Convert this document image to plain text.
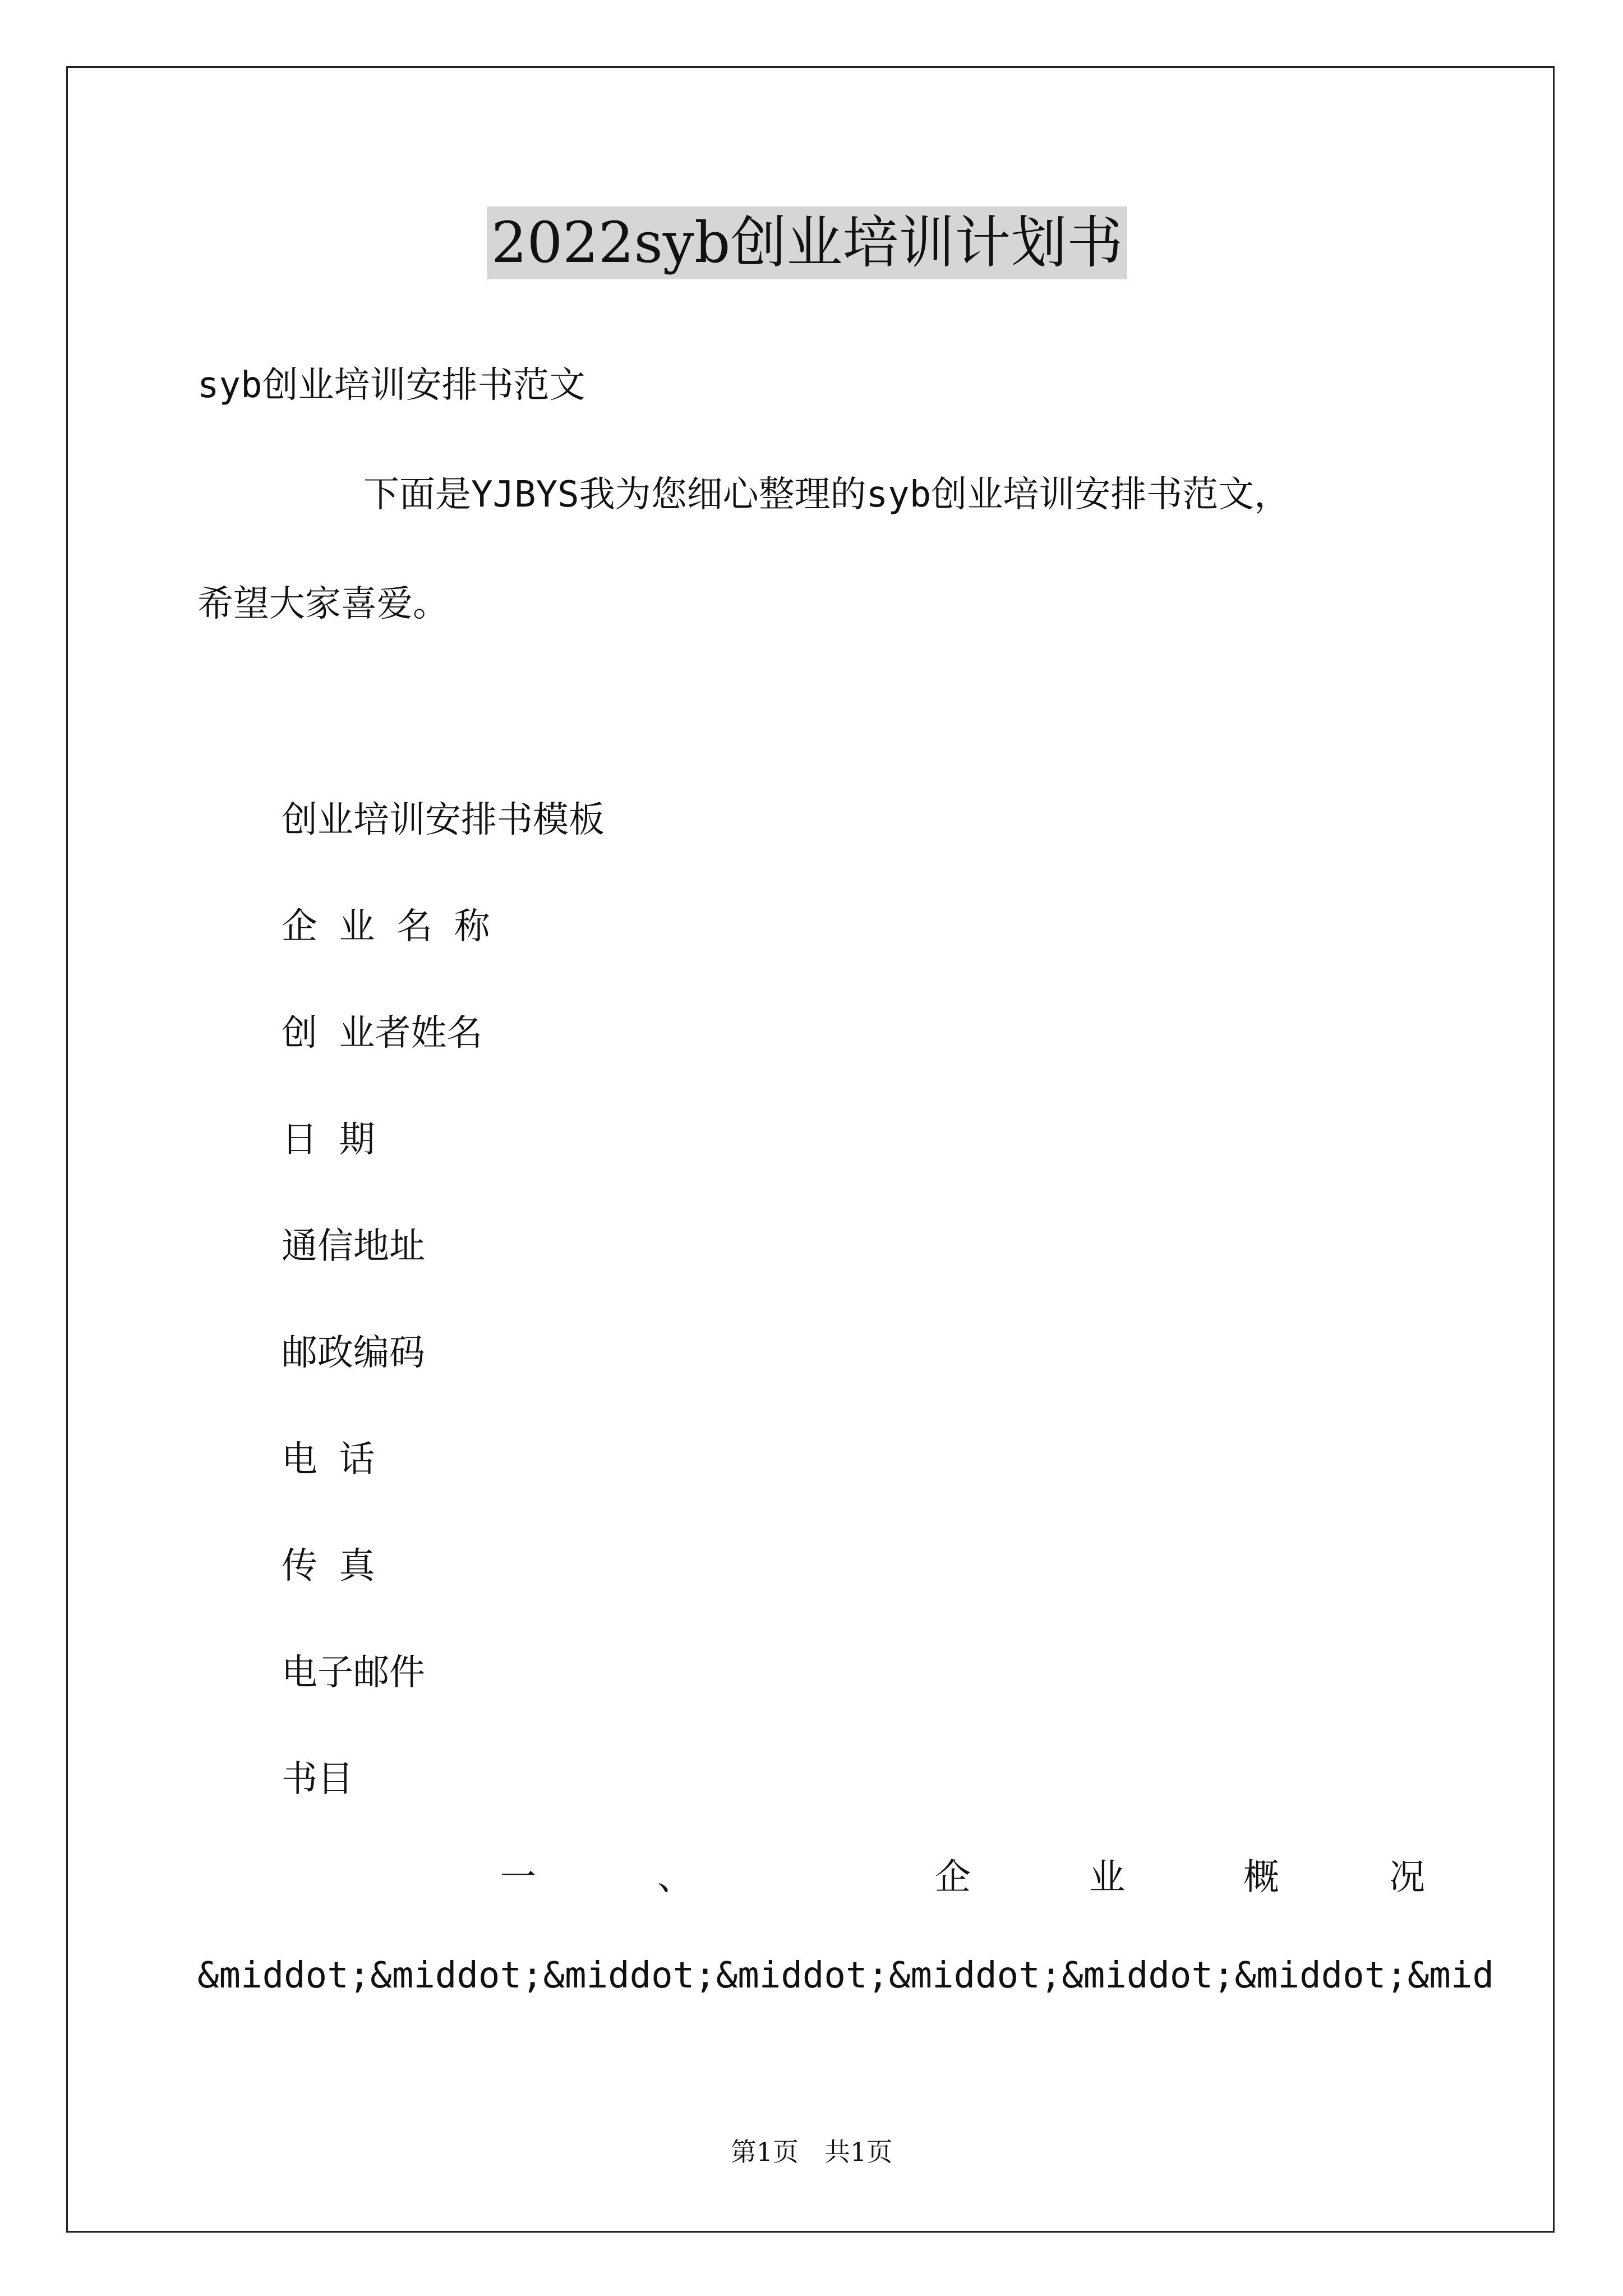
2022syb创业培训计划书
syb创业培训安排书范文
下面是YJBYS我为您细心整理的syb创业培训安排书范文，
希望大家喜爱。
创业培训安排书模板
企 业 名 称
创 业者姓名
日 期
通信地址
邮政编码
电 话
传 真
电子邮件
书目
一	、	企	业	概	况
&middot;&middot;&middot;&middot;&middot;&middot;&middot;&mid
第1页　共1页
